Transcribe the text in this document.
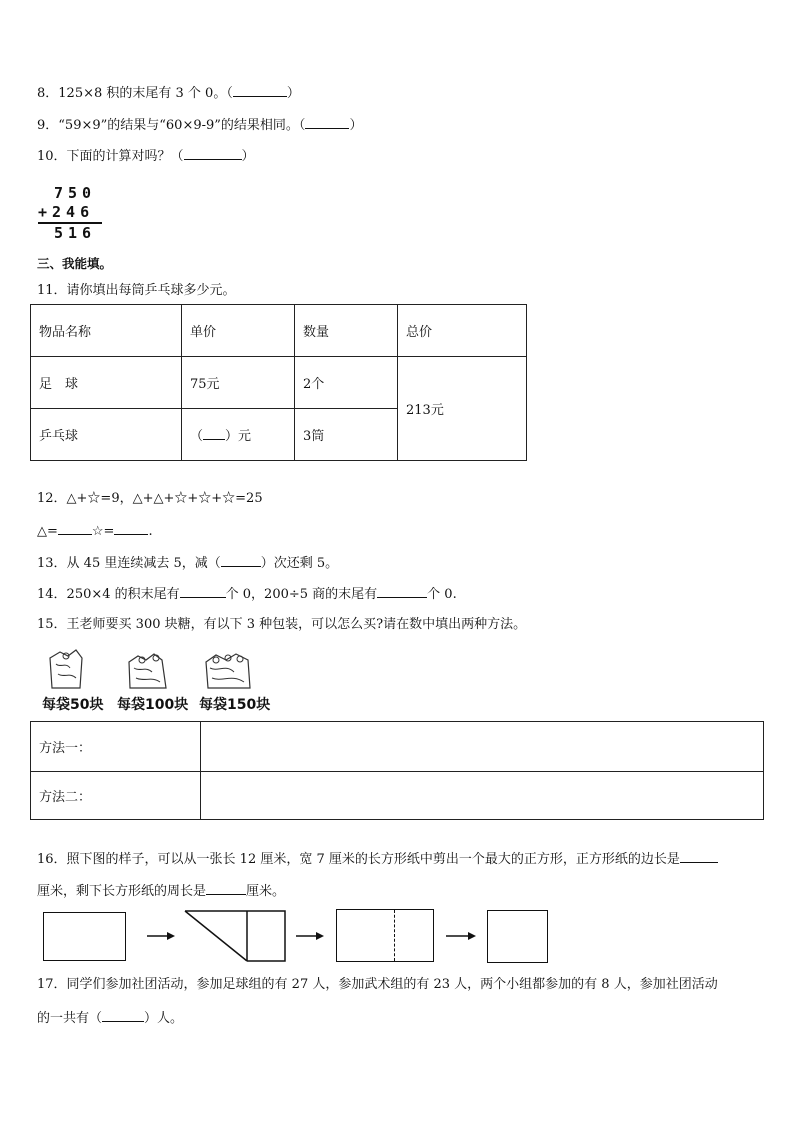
8．125×8 积的末尾有 3 个 0。（	）
9．“59×9”的结果与“60×9-9”的结果相同。（	）
10．下面的计算对吗？（	）
750
+246
516
三、我能填。
11．请你填出每筒乒乓球多少元。
物品名称	单价	数量	总价
足　球	75元	2个	213元
乒乓球	（ ）元	3筒	
12．△+☆=9，△+△+☆+☆+☆=25
△=	☆=	.
13．从 45 里连续减去 5，减（	）次还剩 5。
14．250×4 的积末尾有	个 0，200÷5 商的末尾有	个 0.
15．王老师要买 300 块糖，有以下 3 种包装，可以怎么买?请在数中填出两种方法。
每袋50块 每袋100块 每袋150块
方法一：	
方法二：	
16．照下图的样子，可以从一张长 12 厘米，宽 7 厘米的长方形纸中剪出一个最大的正方形，正方形纸的边长是
厘米，剩下长方形纸的周长是	厘米。
17．同学们参加社团活动，参加足球组的有 27 人，参加武术组的有 23 人，两个小组都参加的有 8 人，参加社团活动
的一共有（	）人。
